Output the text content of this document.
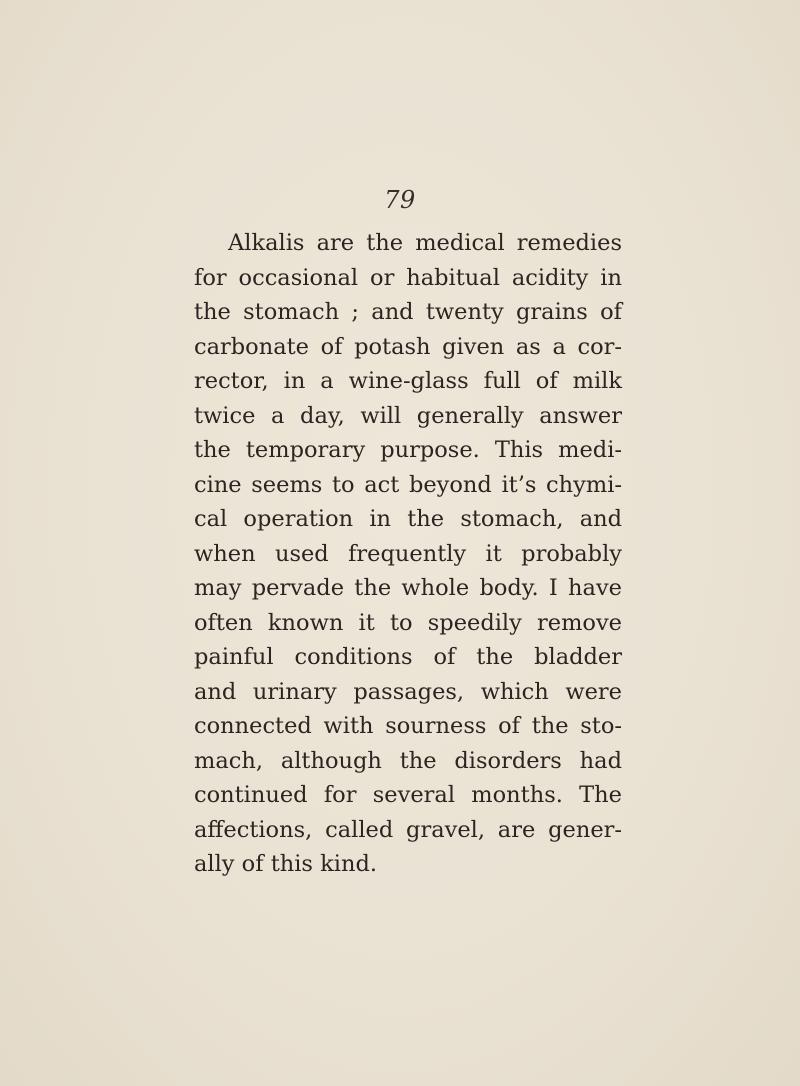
79
Alkalis are the medical remedies
for occasional or habitual acidity in
the stomach ; and twenty grains of
carbonate of potash given as a cor-
rector, in a wine-glass full of milk
twice a day, will generally answer
the temporary purpose. This medi-
cine seems to act beyond it’s chymi-
cal operation in the stomach, and
when used frequently it probably
may pervade the whole body. I have
often known it to speedily remove
painful conditions of the bladder
and urinary passages, which were
connected with sourness of the sto-
mach, although the disorders had
continued for several months. The
affections, called gravel, are gener-
ally of this kind.
